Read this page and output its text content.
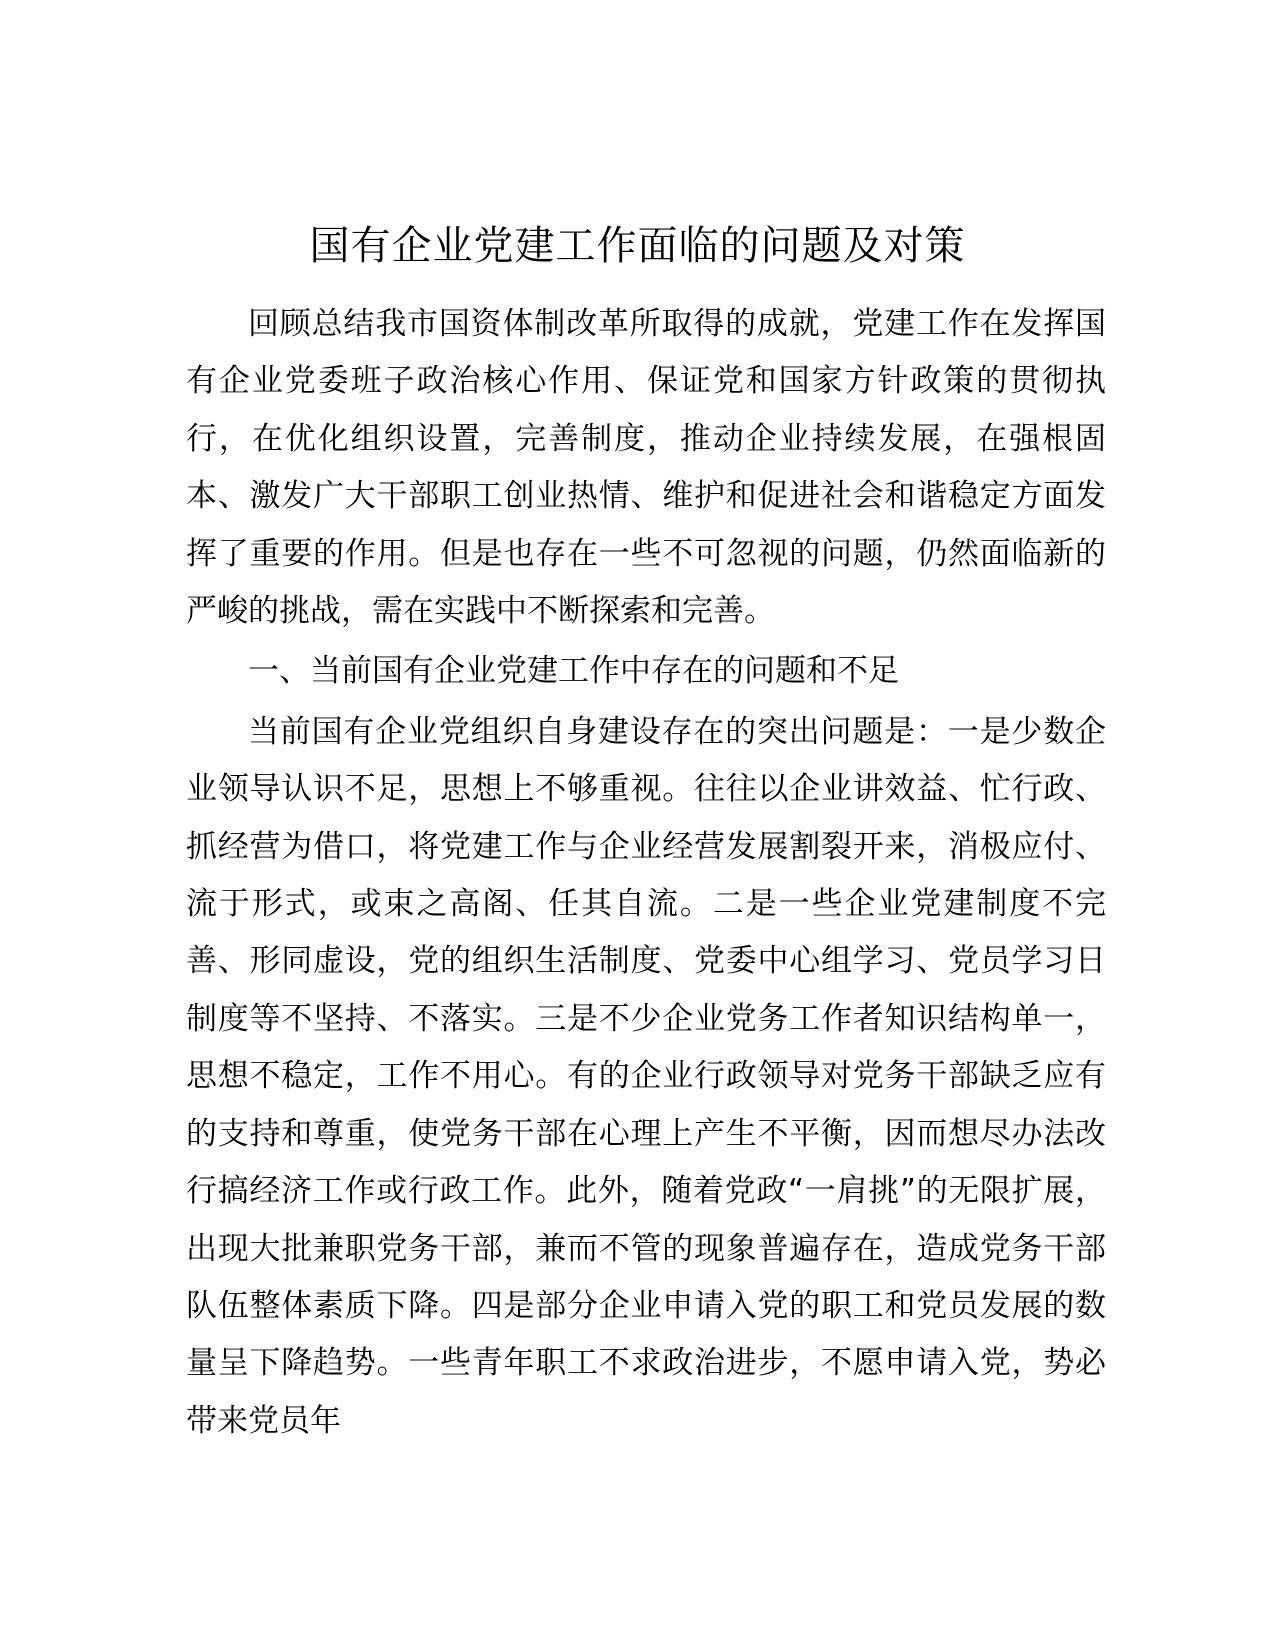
国有企业党建工作面临的问题及对策

回顾总结我市国资体制改革所取得的成就，党建工作在发挥国有企业党委班子政治核心作用、保证党和国家方针政策的贯彻执行，在优化组织设置，完善制度，推动企业持续发展，在强根固本、激发广大干部职工创业热情、维护和促进社会和谐稳定方面发挥了重要的作用。但是也存在一些不可忽视的问题，仍然面临新的严峻的挑战，需在实践中不断探索和完善。

一、当前国有企业党建工作中存在的问题和不足

当前国有企业党组织自身建设存在的突出问题是：一是少数企业领导认识不足，思想上不够重视。往往以企业讲效益、忙行政、抓经营为借口，将党建工作与企业经营发展割裂开来，消极应付、流于形式，或束之高阁、任其自流。二是一些企业党建制度不完善、形同虚设，党的组织生活制度、党委中心组学习、党员学习日制度等不坚持、不落实。三是不少企业党务工作者知识结构单一，思想不稳定，工作不用心。有的企业行政领导对党务干部缺乏应有的支持和尊重，使党务干部在心理上产生不平衡，因而想尽办法改行搞经济工作或行政工作。此外，随着党政“一肩挑”的无限扩展，出现大批兼职党务干部，兼而不管的现象普遍存在，造成党务干部队伍整体素质下降。四是部分企业申请入党的职工和党员发展的数量呈下降趋势。一些青年职工不求政治进步，不愿申请入党，势必带来党员年
